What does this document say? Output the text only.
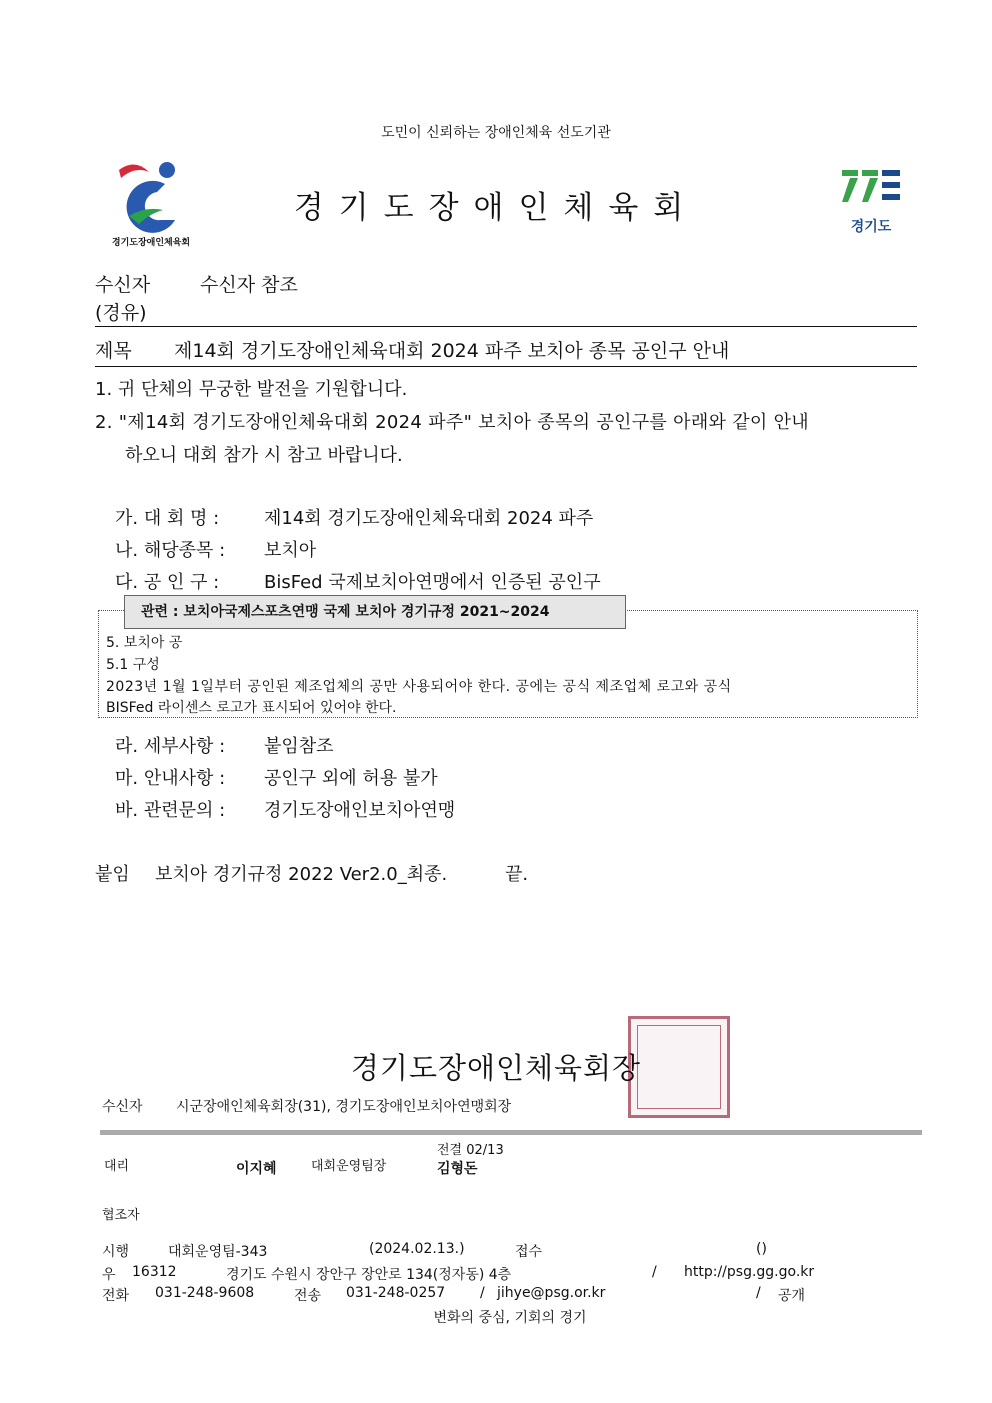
도민이 신뢰하는 장애인체육 선도기관
경기도장애인체육회
경기도장애인체육회
경기도
수신자	수신자 참조
(경유)
제목 제14회 경기도장애인체육대회 2024 파주 보치아 종목 공인구 안내
1. 귀 단체의 무궁한 발전을 기원합니다.
2. "제14회 경기도장애인체육대회 2024 파주" 보치아 종목의 공인구를 아래와 같이 안내
하오니 대회 참가 시 참고 바랍니다.
가. 대 회 명 : 제14회 경기도장애인체육대회 2024 파주
나. 해당종목 : 보치아
다. 공 인 구 : BisFed 국제보치아연맹에서 인증된 공인구
관련 : 보치아국제스포츠연맹 국제 보치아 경기규정 2021~2024
5. 보치아 공
5.1 구성
2023년 1월 1일부터 공인된 제조업체의 공만 사용되어야 한다. 공에는 공식 제조업체 로고와 공식
BISFed 라이센스 로고가 표시되어 있어야 한다.
라. 세부사항 : 붙임참조
마. 안내사항 : 공인구 외에 허용 불가
바. 관련문의 : 경기도장애인보치아연맹
붙임 보치아 경기규정 2022 Ver2.0_최종.	끝.
경기도장애인체육회장
수신자 시군장애인체육회장(31), 경기도장애인보치아연맹회장
대리	이지혜	대회운영팀장
전결 02/13
김형돈
협조자
시행	대회운영팀-343	(2024.02.13.)	접수	()
우 16312	경기도 수원시 장안구 장안로 134(정자동) 4층	/ http://psg.gg.go.kr
전화 031-248-9608	전송 031-248-0257 / jihye@psg.or.kr	/ 공개
변화의 중심, 기회의 경기
